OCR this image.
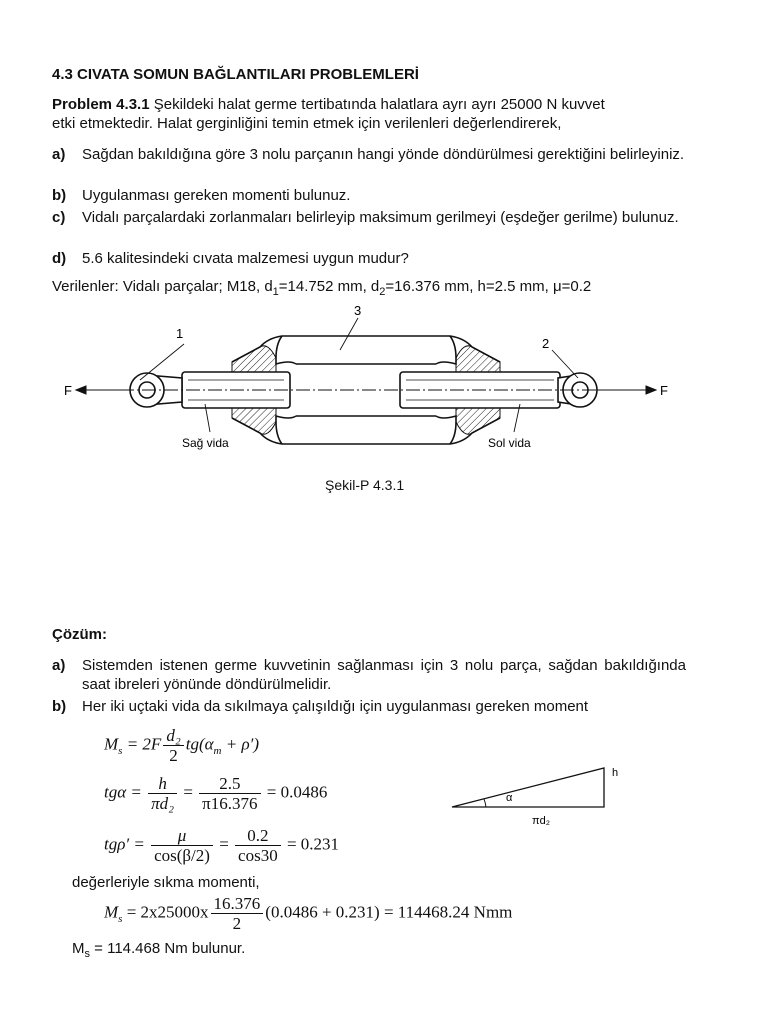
4.3 CIVATA SOMUN BAĞLANTILARI PROBLEMLERİ
Problem 4.3.1 Şekildeki halat germe tertibatında halatlara ayrı ayrı 25000 N kuvvet
etki etmektedir. Halat gerginliğini temin etmek için verilenleri değerlendirerek,
a) Sağdan bakıldığına göre 3 nolu parçanın hangi yönde döndürülmesi gerektiğini belirleyiniz.
b) Uygulanması gereken momenti bulunuz.
c) Vidalı parçalardaki zorlanmaları belirleyip maksimum gerilmeyi (eşdeğer gerilme) bulunuz.
d) 5.6 kalitesindeki cıvata malzemesi uygun mudur?
Verilenler: Vidalı parçalar; M18, $d_1=14.752$ mm, $d_2=16.376$ mm, h=2.5 mm, μ=0.2
1
2
3
F	F
Sağ vida	Sol vida
Şekil-P 4.3.1
Çözüm:
a) Sistemden istenen germe kuvvetinin sağlanması için 3 nolu parça, sağdan bakıldığında saat ibreleri yönünde döndürülmelidir.
b) Her iki uçtaki vida da sıkılmaya çalışıldığı için uygulanması gereken moment
$M_s = 2F \frac{\text{d₂}}{2} tg(\alpha_m + \rho')$
$tg\alpha = \frac{h}{\text{πd₂}} = \frac{2.5}{\pi 16.376} = 0.0486$
$tg\rho' = \frac{\mu}{\cos(\beta/2)} = \frac{0.2}{\cos 30} = 0.231$
h
α
πd₂
değerleriyle sıkma momenti,
$M_s = 2x25000x \frac{16.376}{2} (0.0486 + 0.231) = 114468.24$ Nmm
$M_s = 114.468$ Nm bulunur.
